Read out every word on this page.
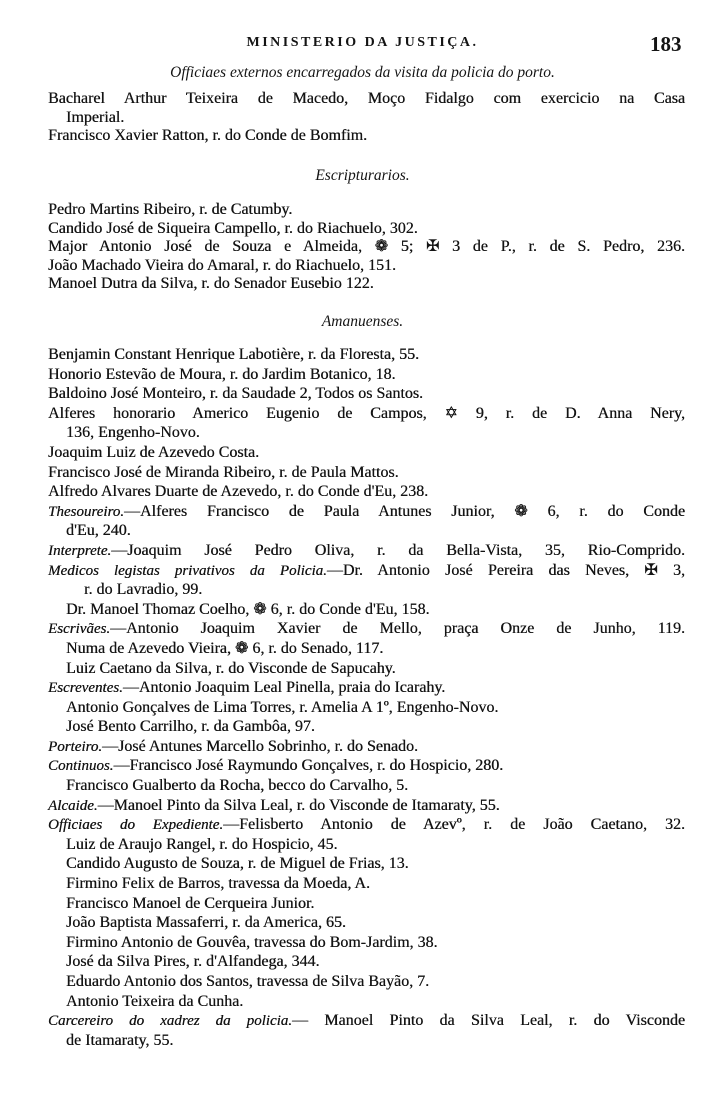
MINISTERIO DA JUSTIÇA.	183
Officiaes externos encarregados da visita da policia do porto.
Bacharel Arthur Teixeira de Macedo, Moço Fidalgo com exercicio na Casa
Imperial.
Francisco Xavier Ratton, r. do Conde de Bomfim.
Escripturarios.
Pedro Martins Ribeiro, r. de Catumby.
Candido José de Siqueira Campello, r. do Riachuelo, 302.
Major Antonio José de Souza e Almeida, ❁ 5; ✠ 3 de P., r. de S. Pedro, 236.
João Machado Vieira do Amaral, r. do Riachuelo, 151.
Manoel Dutra da Silva, r. do Senador Eusebio 122.
Amanuenses.
Benjamin Constant Henrique Labotière, r. da Floresta, 55.
Honorio Estevão de Moura, r. do Jardim Botanico, 18.
Baldoino José Monteiro, r. da Saudade 2, Todos os Santos.
Alferes honorario Americo Eugenio de Campos, ✡ 9, r. de D. Anna Nery,
136, Engenho-Novo.
Joaquim Luiz de Azevedo Costa.
Francisco José de Miranda Ribeiro, r. de Paula Mattos.
Alfredo Alvares Duarte de Azevedo, r. do Conde d'Eu, 238.
Thesoureiro.—Alferes Francisco de Paula Antunes Junior, ❁ 6, r. do Conde
d'Eu, 240.
Interprete.—Joaquim José Pedro Oliva, r. da Bella-Vista, 35, Rio-Comprido.
Medicos legistas privativos da Policia.—Dr. Antonio José Pereira das Neves, ✠ 3,
r. do Lavradio, 99.
Dr. Manoel Thomaz Coelho, ❁ 6, r. do Conde d'Eu, 158.
Escrivães.—Antonio Joaquim Xavier de Mello, praça Onze de Junho, 119.
Numa de Azevedo Vieira, ❁ 6, r. do Senado, 117.
Luiz Caetano da Silva, r. do Visconde de Sapucahy.
Escreventes.—Antonio Joaquim Leal Pinella, praia do Icarahy.
Antonio Gonçalves de Lima Torres, r. Amelia A 1º, Engenho-Novo.
José Bento Carrilho, r. da Gambôa, 97.
Porteiro.—José Antunes Marcello Sobrinho, r. do Senado.
Continuos.—Francisco José Raymundo Gonçalves, r. do Hospicio, 280.
Francisco Gualberto da Rocha, becco do Carvalho, 5.
Alcaide.—Manoel Pinto da Silva Leal, r. do Visconde de Itamaraty, 55.
Officiaes do Expediente.—Felisberto Antonio de Azevº, r. de João Caetano, 32.
Luiz de Araujo Rangel, r. do Hospicio, 45.
Candido Augusto de Souza, r. de Miguel de Frias, 13.
Firmino Felix de Barros, travessa da Moeda, A.
Francisco Manoel de Cerqueira Junior.
João Baptista Massaferri, r. da America, 65.
Firmino Antonio de Gouvêa, travessa do Bom-Jardim, 38.
José da Silva Pires, r. d'Alfandega, 344.
Eduardo Antonio dos Santos, travessa de Silva Bayão, 7.
Antonio Teixeira da Cunha.
Carcereiro do xadrez da policia.— Manoel Pinto da Silva Leal, r. do Visconde
de Itamaraty, 55.
